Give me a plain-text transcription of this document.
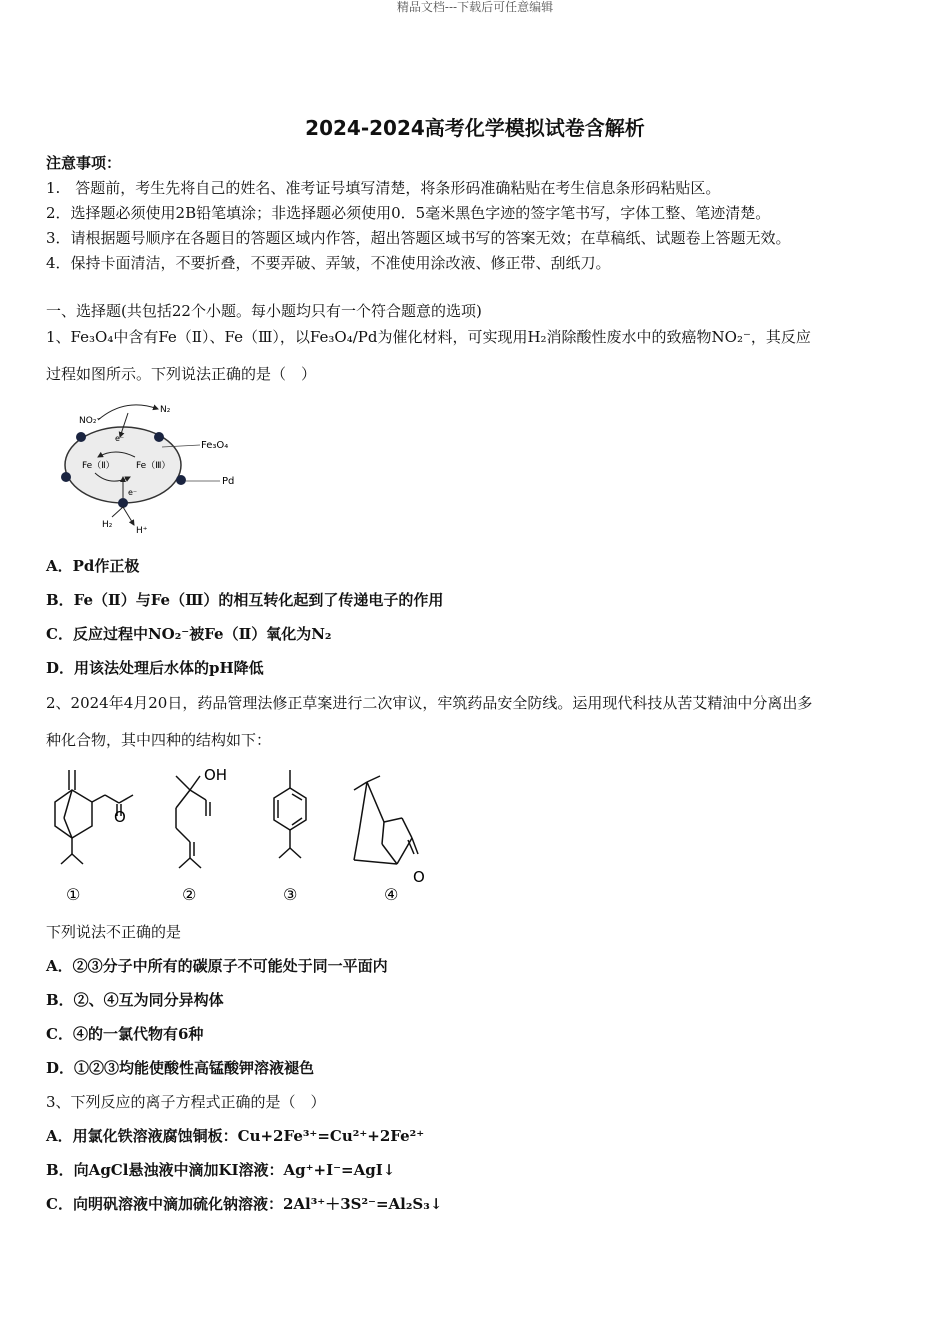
精品文档---下载后可任意编辑
2024-2024高考化学模拟试卷含解析
注意事项：
1.　答题前，考生先将自己的姓名、准考证号填写清楚，将条形码准确粘贴在考生信息条形码粘贴区。
2．选择题必须使用2B铅笔填涂；非选择题必须使用0．5毫米黑色字迹的签字笔书写，字体工整、笔迹清楚。
3．请根据题号顺序在各题目的答题区域内作答，超出答题区域书写的答案无效；在草稿纸、试题卷上答题无效。
4．保持卡面清洁，不要折叠，不要弄破、弄皱，不准使用涂改液、修正带、刮纸刀。
一、选择题(共包括22个小题。每小题均只有一个符合题意的选项)
1、Fe₃O₄中含有Fe（Ⅱ）、Fe（Ⅲ），以Fe₃O₄/Pd为催化材料，可实现用H₂消除酸性废水中的致癌物NO₂⁻，其反应
过程如图所示。下列说法正确的是（　）
NO₂⁻
N₂
e⁻
Fe（Ⅱ） Fe（Ⅲ）
Fe₃O₄
Pd
e⁻
H₂
H⁺
A．Pd作正极
B．Fe（Ⅱ）与Fe（Ⅲ）的相互转化起到了传递电子的作用
C．反应过程中NO₂⁻被Fe（Ⅱ）氧化为N₂
D．用该法处理后水体的pH降低
2、2024年4月20日，药品管理法修正草案进行二次审议，牢筑药品安全防线。运用现代科技从苦艾精油中分离出多
种化合物，其中四种的结构如下：
O
OH
O
①	②	③	④
下列说法不正确的是
A．②③分子中所有的碳原子不可能处于同一平面内
B．②、④互为同分异构体
C．④的一氯代物有6种
D．①②③均能使酸性高锰酸钾溶液褪色
3、下列反应的离子方程式正确的是（　）
A．用氯化铁溶液腐蚀铜板：Cu+2Fe³⁺=Cu²⁺+2Fe²⁺
B．向AgCl悬浊液中滴加KI溶液：Ag⁺+I⁻=AgI↓
C．向明矾溶液中滴加硫化钠溶液：2Al³⁺＋3S²⁻=Al₂S₃↓
